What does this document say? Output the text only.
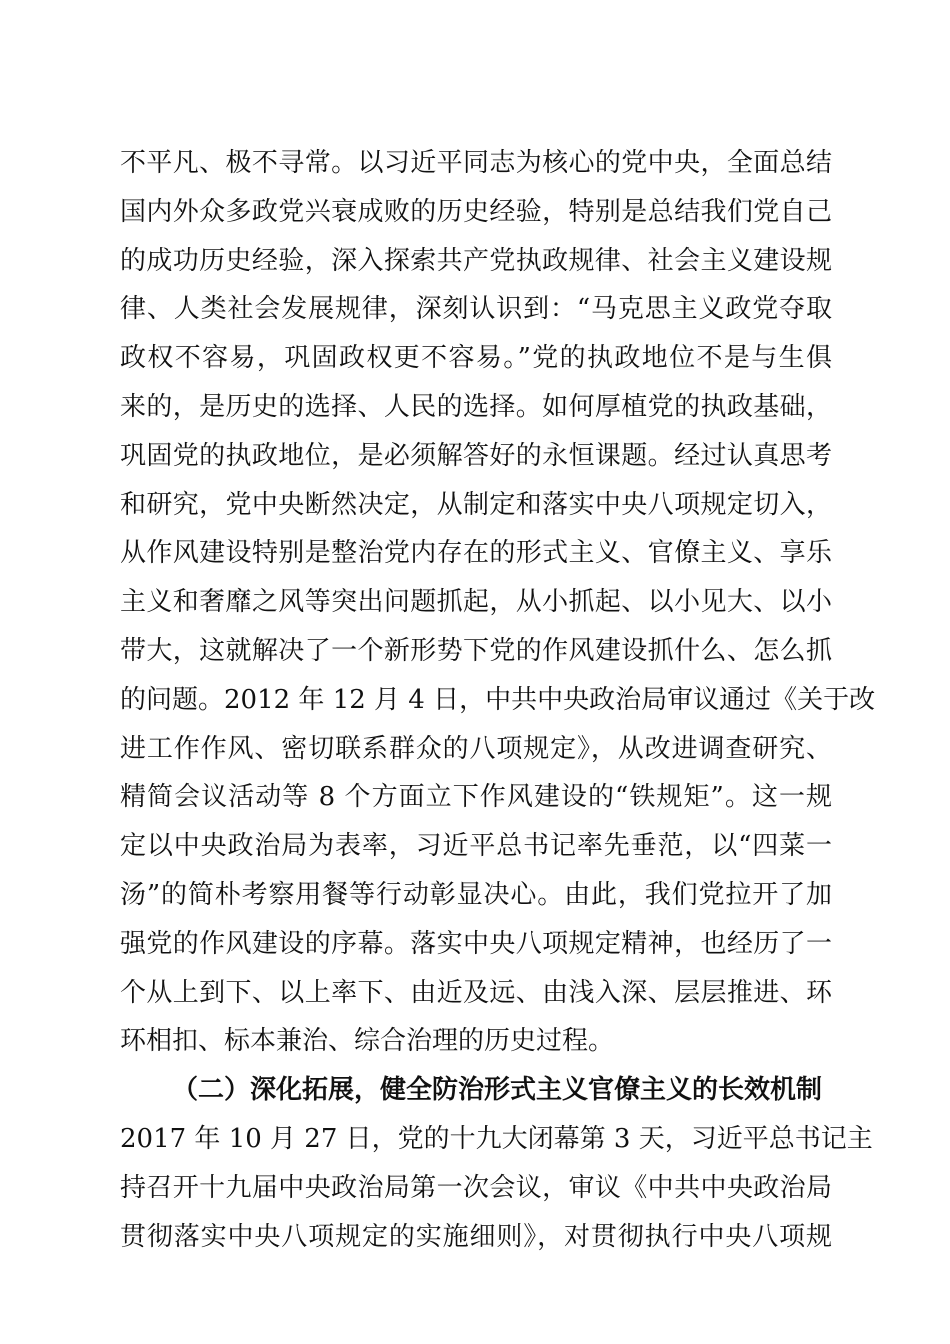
不平凡、极不寻常。以习近平同志为核心的党中央，全面总结
国内外众多政党兴衰成败的历史经验，特别是总结我们党自己
的成功历史经验，深入探索共产党执政规律、社会主义建设规
律、人类社会发展规律，深刻认识到：“马克思主义政党夺取
政权不容易，巩固政权更不容易。”党的执政地位不是与生俱
来的，是历史的选择、人民的选择。如何厚植党的执政基础，
巩固党的执政地位，是必须解答好的永恒课题。经过认真思考
和研究，党中央断然决定，从制定和落实中央八项规定切入，
从作风建设特别是整治党内存在的形式主义、官僚主义、享乐
主义和奢靡之风等突出问题抓起，从小抓起、以小见大、以小
带大，这就解决了一个新形势下党的作风建设抓什么、怎么抓
的问题。2012 年 12 月 4 日，中共中央政治局审议通过《关于改
进工作作风、密切联系群众的八项规定》，从改进调查研究、
精简会议活动等 8 个方面立下作风建设的“铁规矩”。这一规
定以中央政治局为表率，习近平总书记率先垂范，以“四菜一
汤”的简朴考察用餐等行动彰显决心。由此，我们党拉开了加
强党的作风建设的序幕。落实中央八项规定精神，也经历了一
个从上到下、以上率下、由近及远、由浅入深、层层推进、环
环相扣、标本兼治、综合治理的历史过程。
（二）深化拓展，健全防治形式主义官僚主义的长效机制
2017 年 10 月 27 日，党的十九大闭幕第 3 天，习近平总书记主
持召开十九届中央政治局第一次会议，审议《中共中央政治局
贯彻落实中央八项规定的实施细则》，对贯彻执行中央八项规
